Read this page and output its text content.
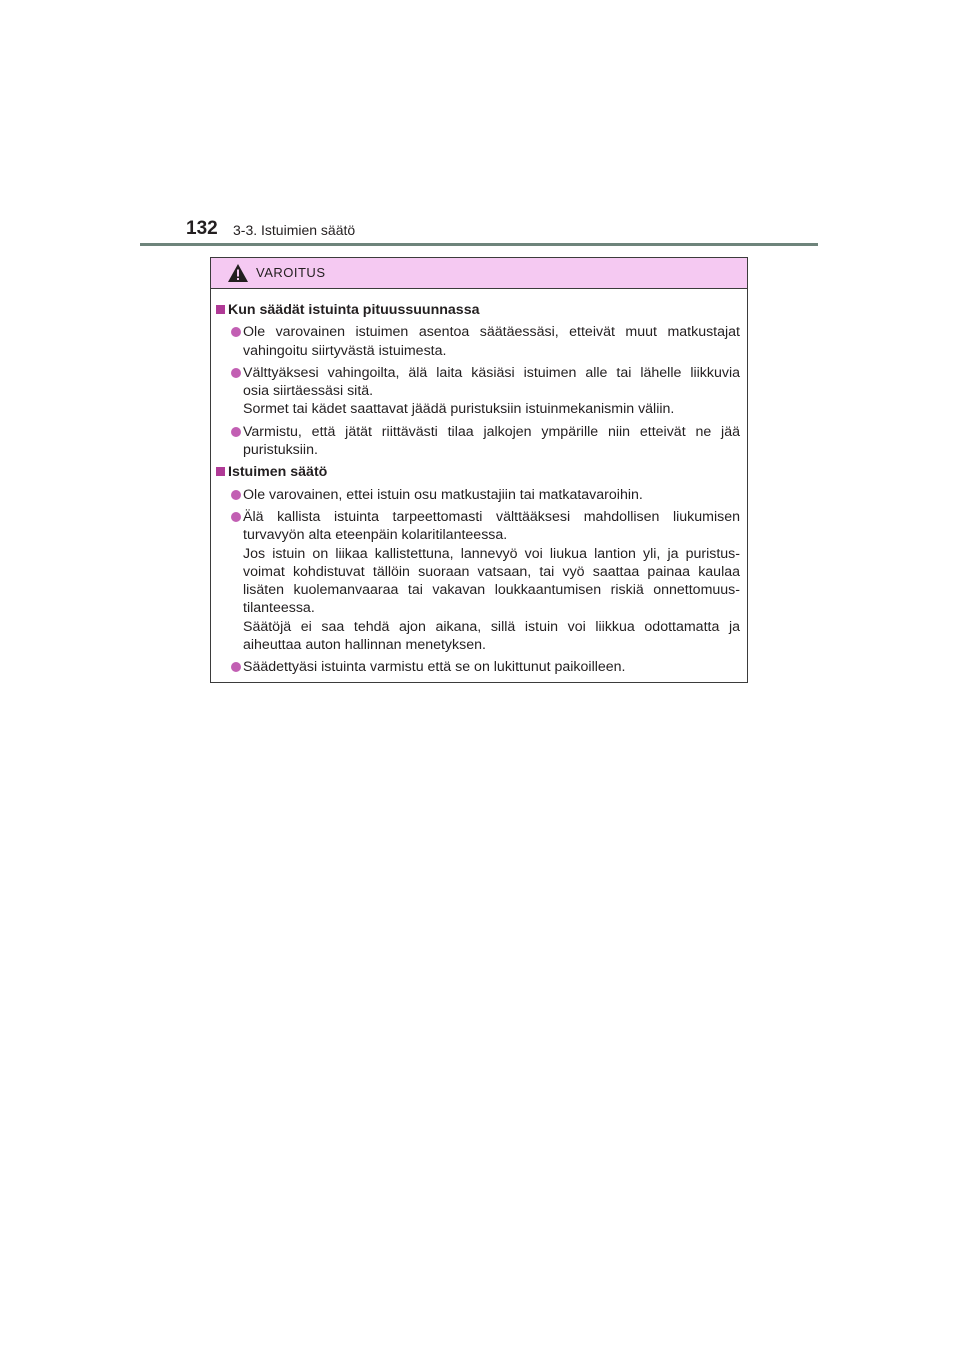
132 3-3. Istuimien säätö
VAROITUS
Kun säädät istuinta pituussuunnassa
Ole varovainen istuimen asentoa säätäessäsi, etteivät muut matkustajat
vahingoitu siirtyvästä istuimesta.
Välttyäksesi vahingoilta, älä laita käsiäsi istuimen alle tai lähelle liikkuvia
osia siirtäessäsi sitä.
Sormet tai kädet saattavat jäädä puristuksiin istuinmekanismin väliin.
Varmistu, että jätät riittävästi tilaa jalkojen ympärille niin etteivät ne jää
puristuksiin.
Istuimen säätö
Ole varovainen, ettei istuin osu matkustajiin tai matkatavaroihin.
Älä kallista istuinta tarpeettomasti välttääksesi mahdollisen liukumisen
turvavyön alta eteenpäin kolaritilanteessa.
Jos istuin on liikaa kallistettuna, lannevyö voi liukua lantion yli, ja puristus-
voimat kohdistuvat tällöin suoraan vatsaan, tai vyö saattaa painaa kaulaa
lisäten kuolemanvaaraa tai vakavan loukkaantumisen riskiä onnettomuus-
tilanteessa.
Säätöjä ei saa tehdä ajon aikana, sillä istuin voi liikkua odottamatta ja
aiheuttaa auton hallinnan menetyksen.
Säädettyäsi istuinta varmistu että se on lukittunut paikoilleen.
